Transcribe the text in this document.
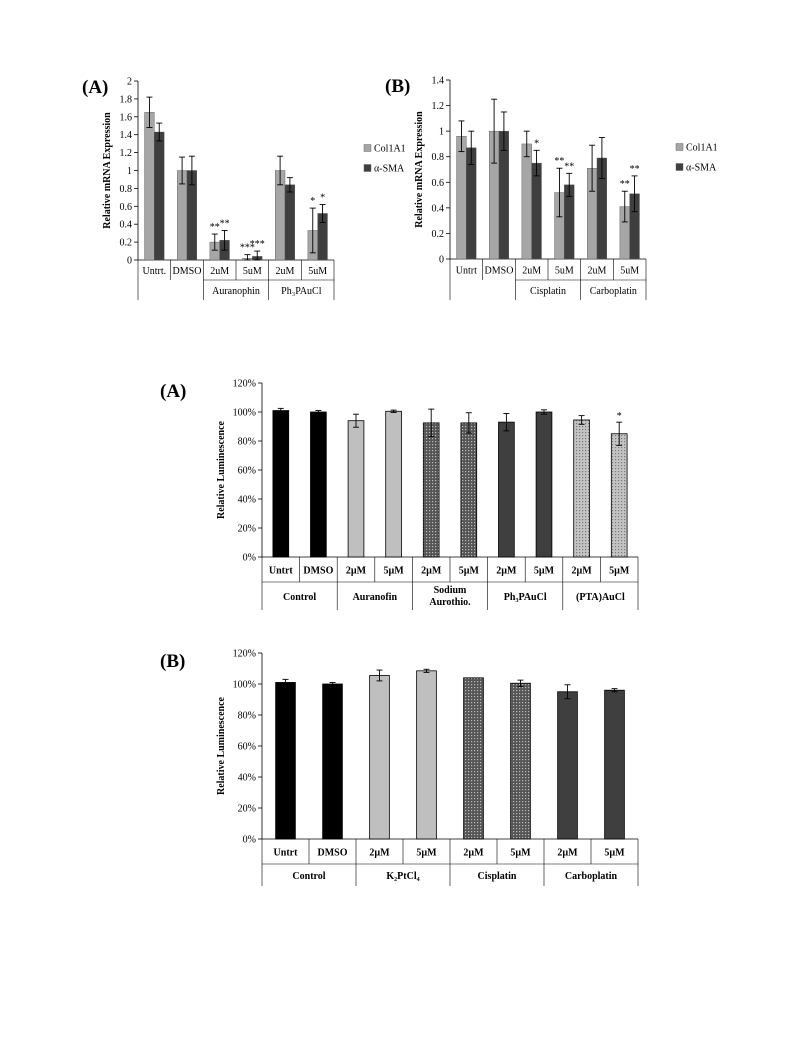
(A)
0
0.2
0.4
0.6
0.8
1
1.2
1.4
1.6
1.8
2
Relative mRNA Expression
Untrt. DMSO 2uM 5uM 2uM 5uM
Auranophin Ph₃PAuCl
** **
***
***
* *
Col1A1
α-SMA
(B)
0
0.2
0.4
0.6
0.8
1
1.2
1.4
Relative mRNA Expression
Untrt DMSO 2uM 5uM 2uM 5uM
Cisplatin Carboplatin
*
** **
**
**
Col1A1
α-SMA
(A)
0%
20%
40%
60%
80%
100%
120%
Relative Luminescence
Untrt DMSO 2µM 5µM 2µM 5µM 2µM 5µM 2µM 5µM
Control	Auranofin
Sodium
Aurothio.	Ph₃PAuCl	(PTA)AuCl
*
(B)
0%
20%
40%
60%
80%
100%
120%
Relative Luminescence
Untrt DMSO 2µM	5µM	2µM	5µM	2µM	5µM
Control	K₂PtCl₄	Cisplatin	Carboplatin
